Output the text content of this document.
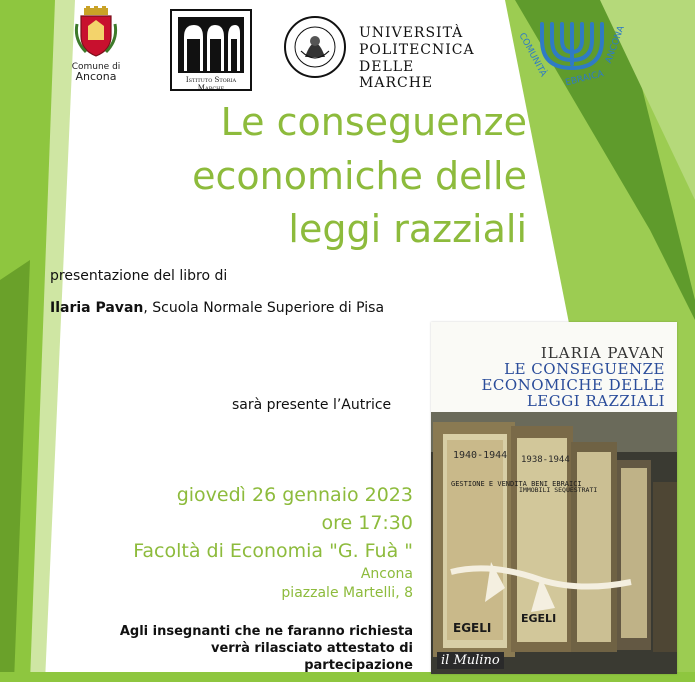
Comune di
Ancona	Istituto Storia Marche
UNIVERSITÀ
POLITECNICA
DELLE MARCHE
COMUNITÀ
EBRAICA
ANCONA
Le conseguenze
economiche delle
leggi razziali
presentazione del libro di
Ilaria Pavan, Scuola Normale Superiore di Pisa
sarà presente l’Autrice
giovedì 26 gennaio 2023
ore 17:30
Facoltà di Economia "G. Fuà "
Ancona
piazzale Martelli, 8
Agli insegnanti che ne faranno richiesta
verrà rilasciato attestato di
partecipazione
ILARIA PAVAN
LE CONSEGUENZE
ECONOMICHE DELLE
LEGGI RAZZIALI
1940-1944 1938-1944
GESTIONE E VENDITA BENI EBRAICI
IMMOBILI SEQUESTRATI
EGELI
EGELI
il Mulino
